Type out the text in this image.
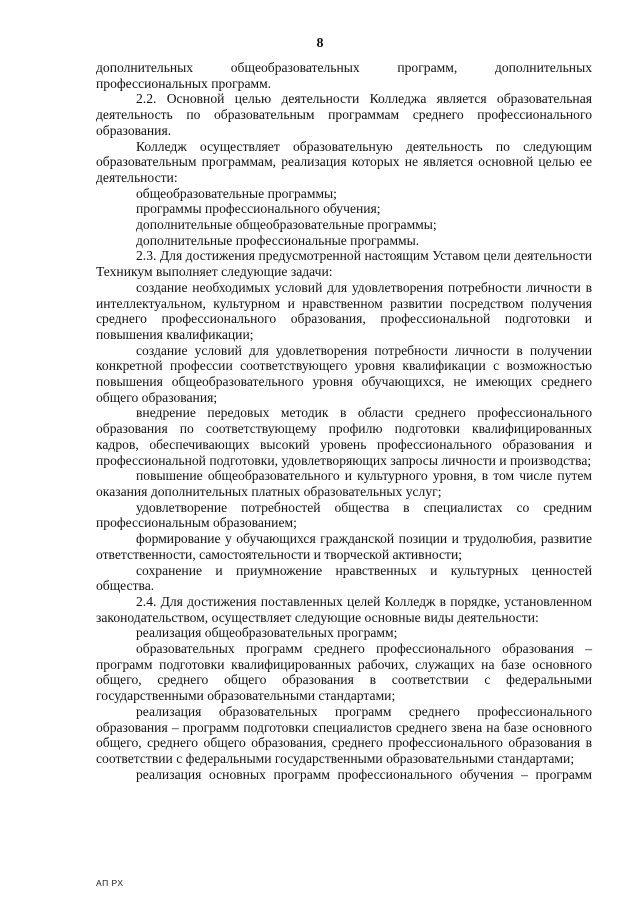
8

дополнительных общеобразовательных программ, дополнительных профессиональных программ.

2.2. Основной целью деятельности Колледжа является образовательная деятельность по образовательным программам среднего профессионального образования.

Колледж осуществляет образовательную деятельность по следующим образовательным программам, реализация которых не является основной целью ее деятельности:

общеобразовательные программы;

программы профессионального обучения;

дополнительные общеобразовательные программы;

дополнительные профессиональные программы.

2.3. Для достижения предусмотренной настоящим Уставом цели деятельности Техникум выполняет следующие задачи:

создание необходимых условий для удовлетворения потребности личности в интеллектуальном, культурном и нравственном развитии посредством получения среднего профессионального образования, профессиональной подготовки и повышения квалификации;

создание условий для удовлетворения потребности личности в получении конкретной профессии соответствующего уровня квалификации с возможностью повышения общеобразовательного уровня обучающихся, не имеющих среднего общего образования;

внедрение передовых методик в области среднего профессионального образования по соответствующему профилю подготовки квалифицированных кадров, обеспечивающих высокий уровень профессионального образования и профессиональной подготовки, удовлетворяющих запросы личности и производства;

повышение общеобразовательного и культурного уровня, в том числе путем оказания дополнительных платных образовательных услуг;

удовлетворение потребностей общества в специалистах со средним профессиональным образованием;

формирование у обучающихся гражданской позиции и трудолюбия, развитие ответственности, самостоятельности и творческой активности;

сохранение и приумножение нравственных и культурных ценностей общества.

2.4. Для достижения поставленных целей Колледж в порядке, установленном законодательством, осуществляет следующие основные виды деятельности:

реализация общеобразовательных программ;

образовательных программ среднего профессионального образования – программ подготовки квалифицированных рабочих, служащих на базе основного общего, среднего общего образования в соответствии с федеральными государственными образовательными стандартами;

реализация образовательных программ среднего профессионального образования – программ подготовки специалистов среднего звена на базе основного общего, среднего общего образования, среднего профессионального образования в соответствии с федеральными государственными образовательными стандартами;

реализация основных программ профессионального обучения – программ

АП РХ
